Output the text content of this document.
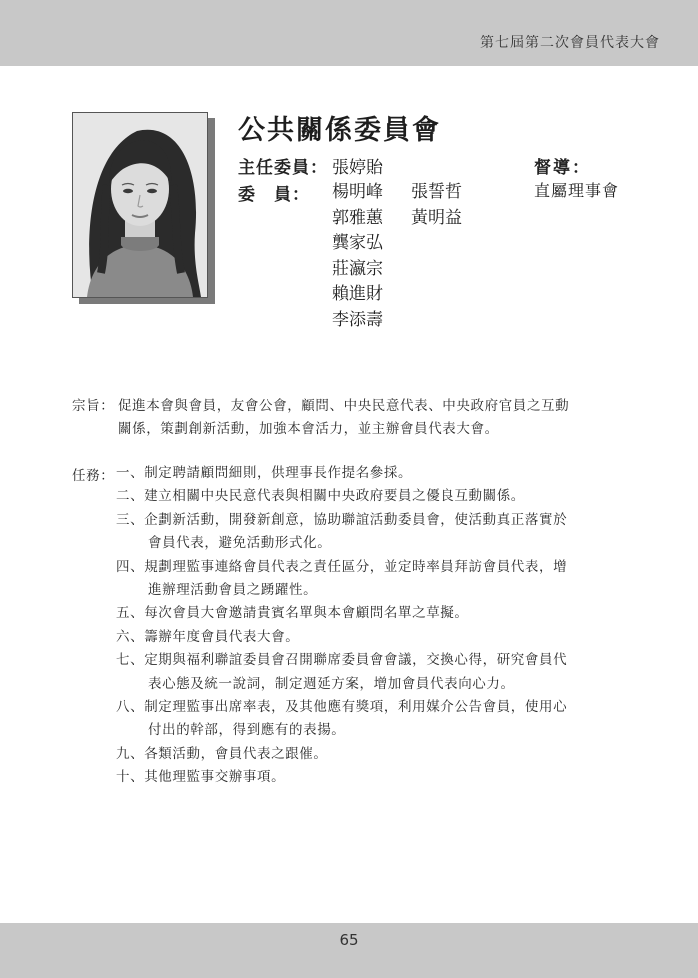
第七屆第二次會員代表大會
公共關係委員會
主任委員： 張婷貽
委　員： 楊明峰
郭雅蕙
龔家弘
莊瀛宗
賴進財
李添壽
張誓哲
黃明益
督導：
直屬理事會
宗旨： 促進本會與會員，友會公會，顧問、中央民意代表、中央政府官員之互動
關係，策劃創新活動，加強本會活力，並主辦會員代表大會。
任務： 一、制定聘請顧問細則，供理事長作提名參採。
二、建立相關中央民意代表與相關中央政府要員之優良互動關係。
三、企劃新活動，開發新創意，協助聯誼活動委員會，使活動真正落實於
會員代表，避免活動形式化。
四、規劃理監事連絡會員代表之責任區分，並定時率員拜訪會員代表，增
進辦理活動會員之踴躍性。
五、每次會員大會邀請貴賓名單與本會顧問名單之草擬。
六、籌辦年度會員代表大會。
七、定期與福利聯誼委員會召開聯席委員會會議，交換心得，研究會員代
表心態及統一說詞，制定週延方案，增加會員代表向心力。
八、制定理監事出席率表，及其他應有獎項，利用媒介公告會員，使用心
付出的幹部，得到應有的表揚。
九、各類活動，會員代表之跟催。
十、其他理監事交辦事項。
65
